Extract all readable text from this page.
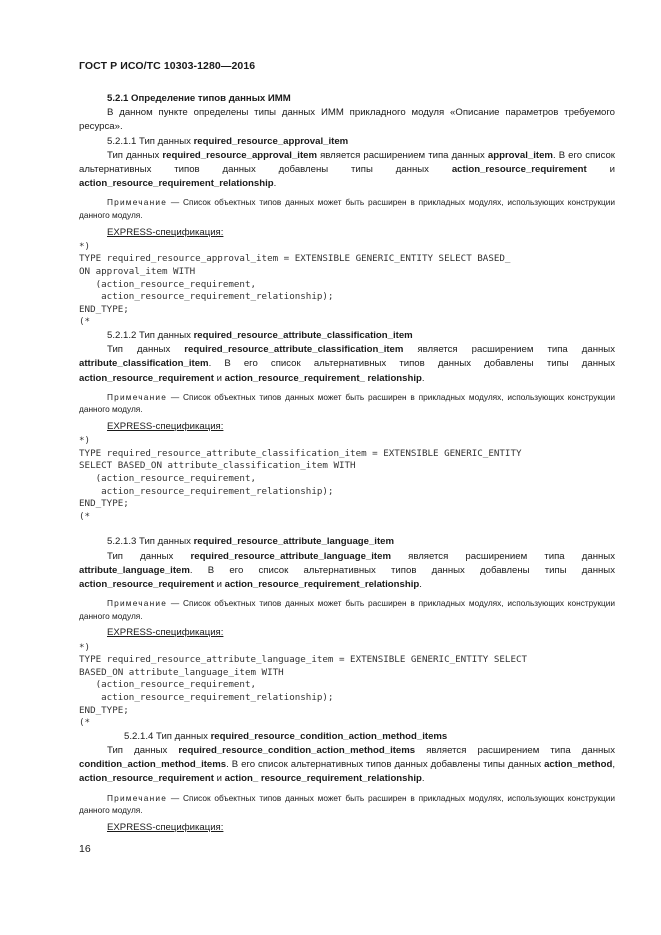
ГОСТ Р ИСО/ТС 10303-1280—2016

5.2.1 Определение типов данных ИММ

В данном пункте определены типы данных ИММ прикладного модуля «Описание параметров требуемого ресурса».

5.2.1.1 Тип данных required_resource_approval_item

Тип данных required_resource_approval_item является расширением типа данных approval_item. В его список альтернативных типов данных добавлены типы данных action_resource_requirement и action_resource_requirement_relationship.

Примечание — Список объектных типов данных может быть расширен в прикладных модулях, использующих конструкции данного модуля.

EXPRESS-спецификация:

*)
TYPE required_resource_approval_item = EXTENSIBLE GENERIC_ENTITY SELECT BASED_
ON approval_item WITH
(action_resource_requirement,
action_resource_requirement_relationship);
END_TYPE;
(*

5.2.1.2 Тип данных required_resource_attribute_classification_item

Тип данных required_resource_attribute_classification_item является расширением типа данных attribute_classification_item. В его список альтернативных типов данных добавлены типы данных action_resource_requirement и action_resource_requirement_ relationship.

Примечание — Список объектных типов данных может быть расширен в прикладных модулях, использующих конструкции данного модуля.

EXPRESS-спецификация:

*)
TYPE required_resource_attribute_classification_item = EXTENSIBLE GENERIC_ENTITY
SELECT BASED_ON attribute_classification_item WITH
(action_resource_requirement,
action_resource_requirement_relationship);
END_TYPE;
(*

5.2.1.3 Тип данных required_resource_attribute_language_item

Тип данных required_resource_attribute_language_item является расширением типа данных attribute_language_item. В его список альтернативных типов данных добавлены типы данных action_resource_requirement и action_resource_requirement_relationship.

Примечание — Список объектных типов данных может быть расширен в прикладных модулях, использующих конструкции данного модуля.

EXPRESS-спецификация:

*)
TYPE required_resource_attribute_language_item = EXTENSIBLE GENERIC_ENTITY SELECT
BASED_ON attribute_language_item WITH
(action_resource_requirement,
action_resource_requirement_relationship);
END_TYPE;
(*

5.2.1.4 Тип данных required_resource_condition_action_method_items

Тип данных required_resource_condition_action_method_items является расширением типа данных condition_action_method_items. В его список альтернативных типов данных добавлены типы данных action_method, action_resource_requirement и action_ resource_requirement_relationship.

Примечание — Список объектных типов данных может быть расширен в прикладных модулях, использующих конструкции данного модуля.

EXPRESS-спецификация:

16
